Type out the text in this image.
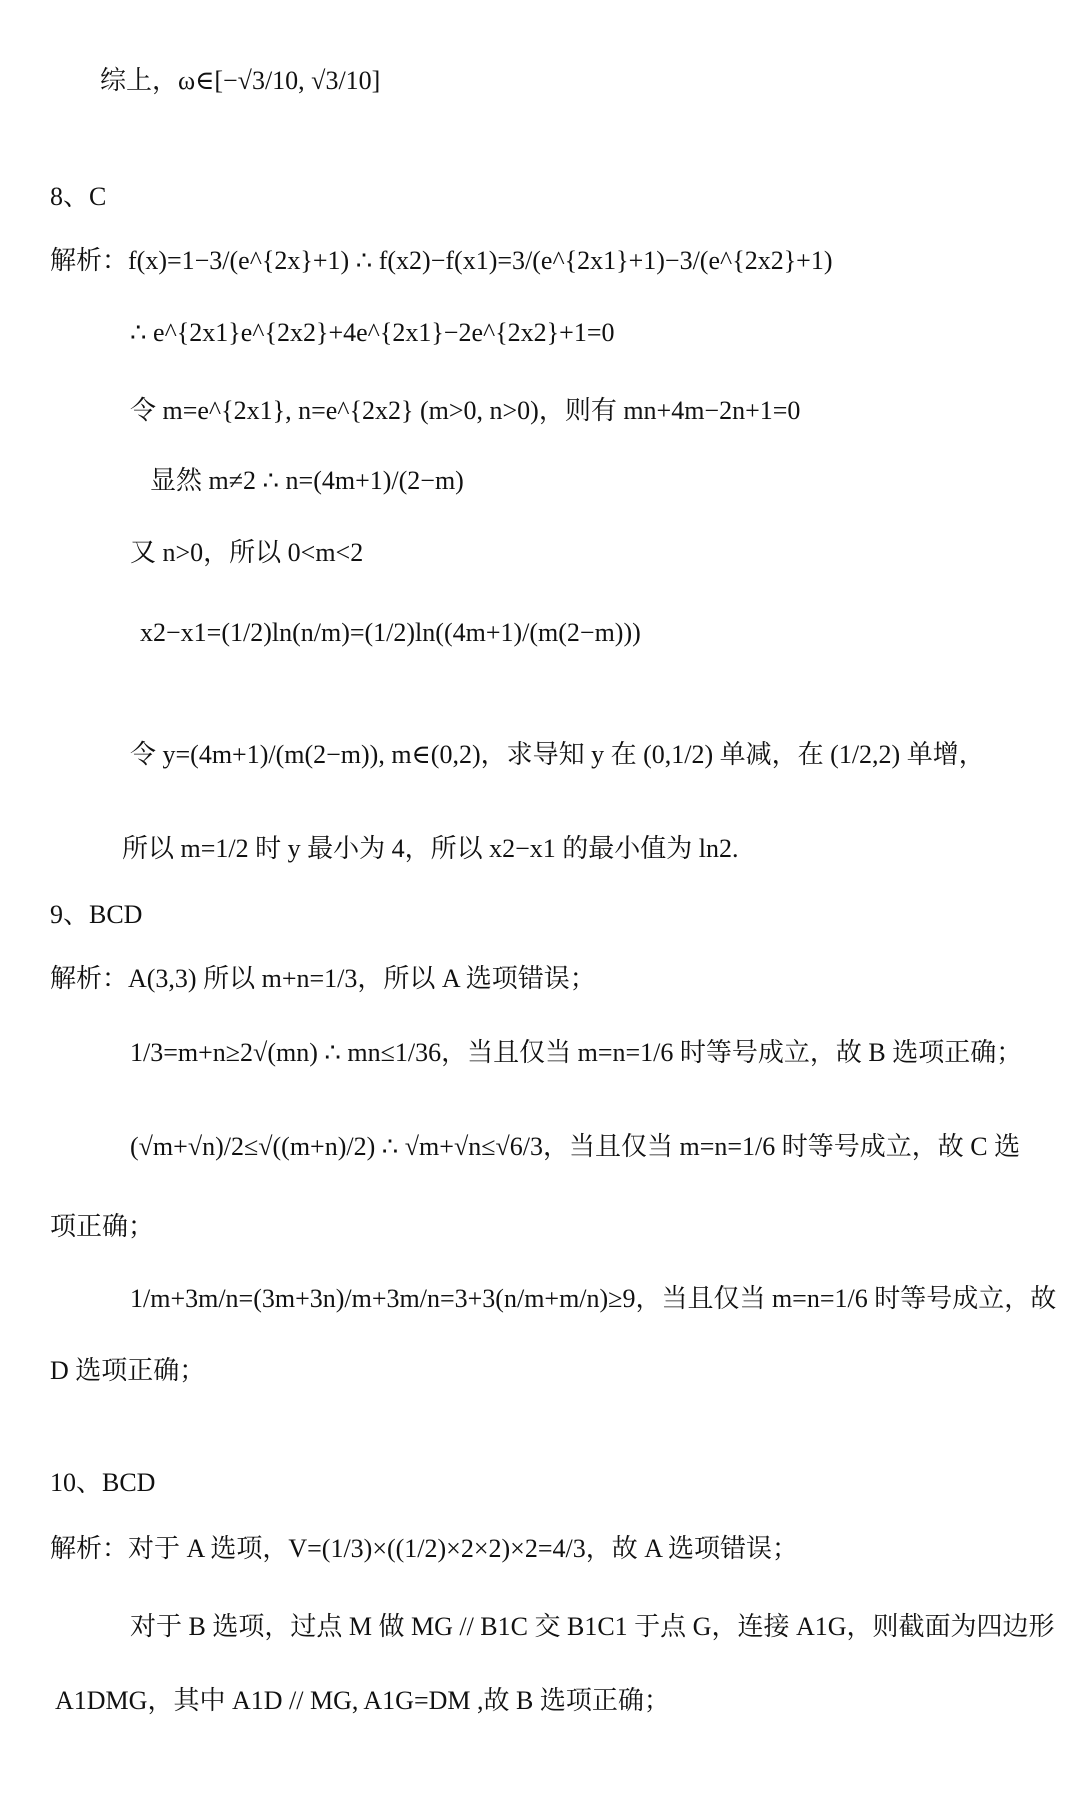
综上，ω∈[−√3/10, √3/10]
8、C
解析：f(x)=1−3/(e^{2x}+1) ∴ f(x2)−f(x1)=3/(e^{2x1}+1)−3/(e^{2x2}+1)
∴ e^{2x1}e^{2x2}+4e^{2x1}−2e^{2x2}+1=0
令 m=e^{2x1}, n=e^{2x2} (m>0, n>0)，则有 mn+4m−2n+1=0
显然 m≠2 ∴ n=(4m+1)/(2−m)
又 n>0，所以 0<m<2
x2−x1=(1/2)ln(n/m)=(1/2)ln((4m+1)/(m(2−m)))
令 y=(4m+1)/(m(2−m)), m∈(0,2)，求导知 y 在 (0,1/2) 单减，在 (1/2,2) 单增，
所以 m=1/2 时 y 最小为 4，所以 x2−x1 的最小值为 ln2.
9、BCD
解析：A(3,3) 所以 m+n=1/3，所以 A 选项错误；
1/3=m+n≥2√(mn) ∴ mn≤1/36，当且仅当 m=n=1/6 时等号成立，故 B 选项正确；
(√m+√n)/2≤√((m+n)/2) ∴ √m+√n≤√6/3，当且仅当 m=n=1/6 时等号成立，故 C 选
项正确；
1/m+3m/n=(3m+3n)/m+3m/n=3+3(n/m+m/n)≥9，当且仅当 m=n=1/6 时等号成立，故
D 选项正确；
10、BCD
解析：对于 A 选项，V=(1/3)×((1/2)×2×2)×2=4/3，故 A 选项错误；
对于 B 选项，过点 M 做 MG // B1C 交 B1C1 于点 G，连接 A1G，则截面为四边形
A1DMG，其中 A1D // MG, A1G=DM ,故 B 选项正确；
